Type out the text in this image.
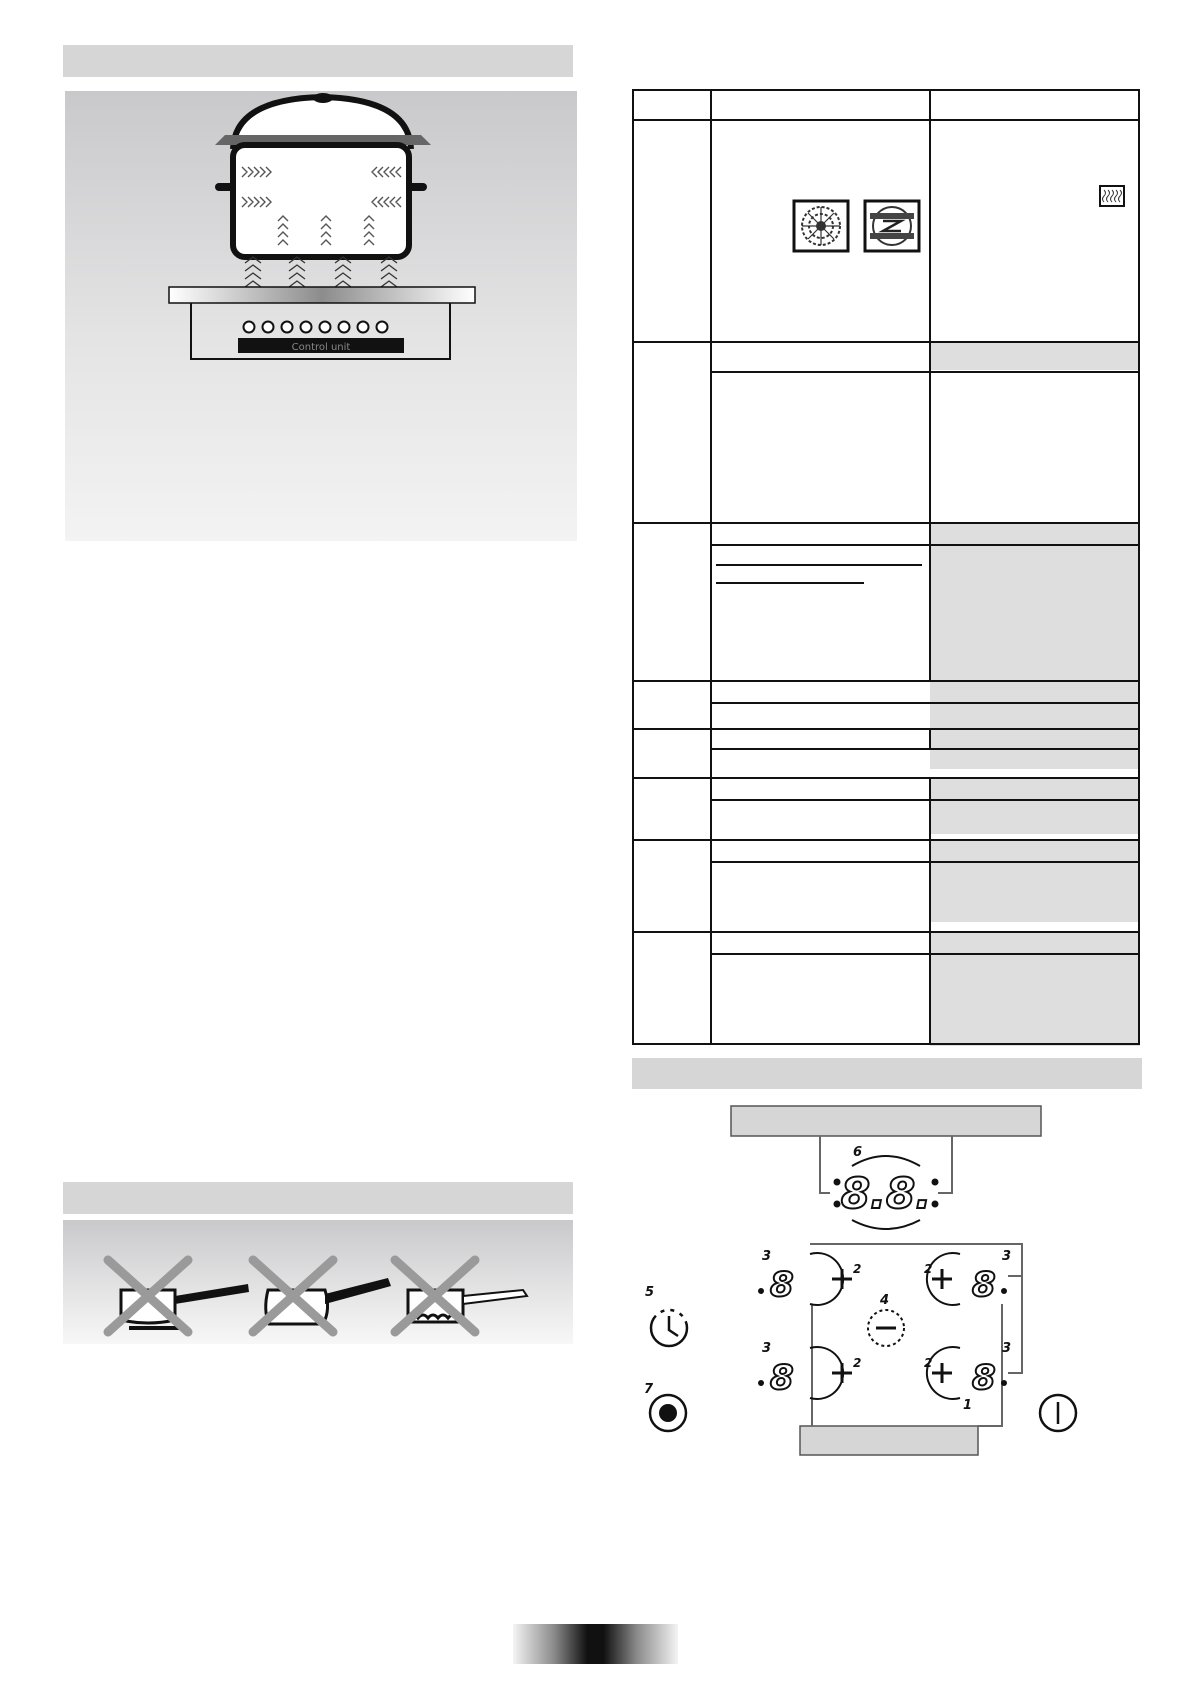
Control unit
8.8.
6
1
5
7
4
3
3
3
3
8
8
8
8
2
2
2
2
